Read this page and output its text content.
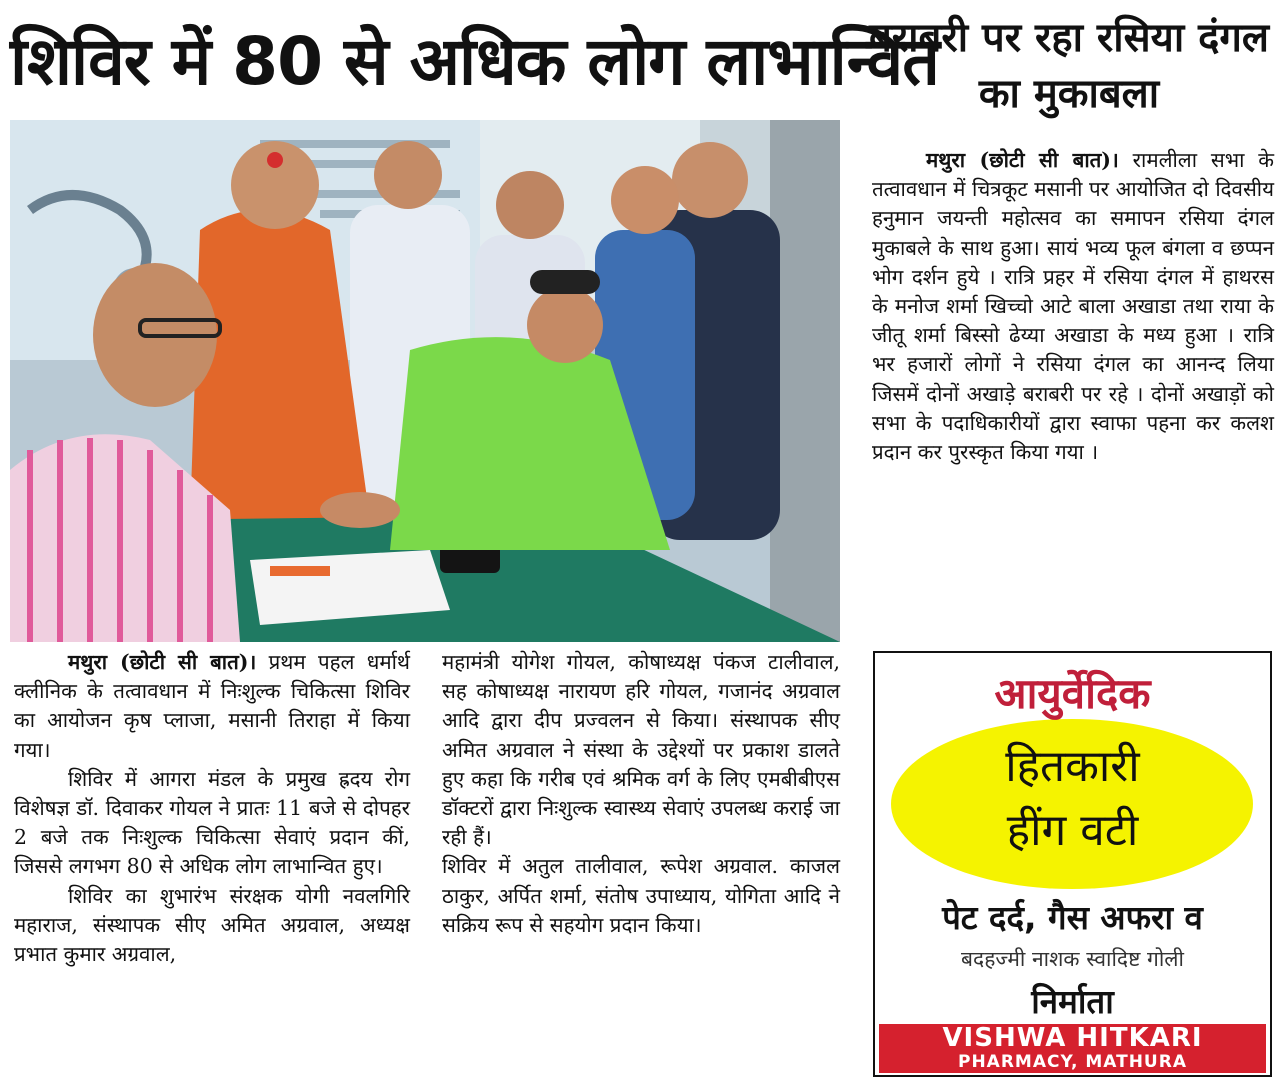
शिविर में 80 से अधिक लोग लाभान्वित

मथुरा (छोटी सी बात)। प्रथम पहल धर्मार्थ क्लीनिक के तत्वावधान में निःशुल्क चिकित्सा शिविर का आयोजन कृष प्लाजा, मसानी तिराहा में किया गया।

शिविर में आगरा मंडल के प्रमुख ह्रदय रोग विशेषज्ञ डॉ. दिवाकर गोयल ने प्रातः 11 बजे से दोपहर 2 बजे तक निःशुल्क चिकित्सा सेवाएं प्रदान कीं, जिससे लगभग 80 से अधिक लोग लाभान्वित हुए।

शिविर का शुभारंभ संरक्षक योगी नवलगिरि महाराज, संस्थापक सीए अमित अग्रवाल, अध्यक्ष प्रभात कुमार अग्रवाल,

महामंत्री योगेश गोयल, कोषाध्यक्ष पंकज टालीवाल, सह कोषाध्यक्ष नारायण हरि गोयल, गजानंद अग्रवाल आदि द्वारा दीप प्रज्वलन से किया। संस्थापक सीए अमित अग्रवाल ने संस्था के उद्देश्यों पर प्रकाश डालते हुए कहा कि गरीब एवं श्रमिक वर्ग के लिए एमबीबीएस डॉक्टरों द्वारा निःशुल्क स्वास्थ्य सेवाएं उपलब्ध कराई जा रही हैं।

शिविर में अतुल तालीवाल, रूपेश अग्रवाल. काजल ठाकुर, अर्पित शर्मा, संतोष उपाध्याय, योगिता आदि ने सक्रिय रूप से सहयोग प्रदान किया।

बराबरी पर रहा रसिया दंगल का मुकाबला

मथुरा (छोटी सी बात)। रामलीला सभा के तत्वावधान में चित्रकूट मसानी पर आयोजित दो दिवसीय हनुमान जयन्ती महोत्सव का समापन रसिया दंगल मुकाबले के साथ हुआ। सायं भव्य फूल बंगला व छप्पन भोग दर्शन हुये । रात्रि प्रहर में रसिया दंगल में हाथरस के मनोज शर्मा खिच्चो आटे बाला अखाडा तथा राया के जीतू शर्मा बिस्सो ढेय्या अखाडा के मध्य हुआ । रात्रि भर हजारों लोगों ने रसिया दंगल का आनन्द लिया जिसमें दोनों अखाड़े बराबरी पर रहे । दोनों अखाड़ों को सभा के पदाधिकारीयों द्वारा स्वाफा पहना कर कलश प्रदान कर पुरस्कृत किया गया ।

आयुर्वेदिक
हितकारी
हींग वटी
पेट दर्द, गैस अफरा व
बदहज्मी नाशक स्वादिष्ट गोली
निर्माता
VISHWA HITKARI
PHARMACY, MATHURA
